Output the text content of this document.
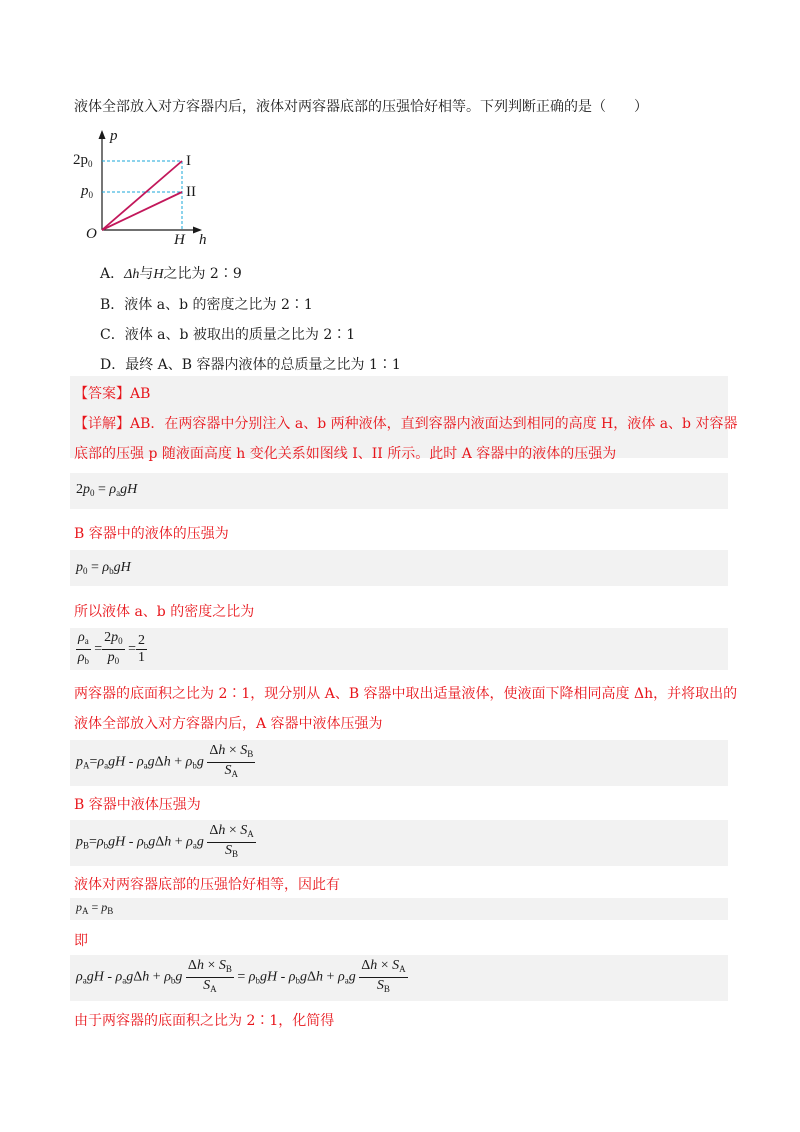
液体全部放入对方容器内后，液体对两容器底部的压强恰好相等。下列判断正确的是（　　）
p
$2p_0$
$p_0$
O	H h
I
II
A．Δh与H之比为 2∶9
B．液体 a、b 的密度之比为 2∶1
C．液体 a、b 被取出的质量之比为 2∶1
D．最终 A、B 容器内液体的总质量之比为 1∶1
【答案】AB
【详解】AB．在两容器中分别注入 a、b 两种液体，直到容器内液面达到相同的高度 H，液体 a、b 对容器
底部的压强 p 随液面高度 h 变化关系如图线 I、II 所示。此时 A 容器中的液体的压强为
$2p_0 = \rho_agH$
B 容器中的液体的压强为
$p_0 = \rho_bgH$
所以液体 a、b 的密度之比为
$\frac{\rho_a}{\rho_b} = \frac{2p_0}{p_0} = \frac{2}{1}$
两容器的底面积之比为 2∶1，现分别从 A、B 容器中取出适量液体，使液面下降相同高度 Δh，并将取出的
液体全部放入对方容器内后，A 容器中液体压强为
$p_A=\rho_agH - \rho_ag\Delta h + \rho_bg \frac{\Delta h \times S_B}{S_A}$
B 容器中液体压强为
$p_B=\rho_bgH - \rho_bg\Delta h + \rho_ag \frac{\Delta h \times S_A}{S_B}$
液体对两容器底部的压强恰好相等，因此有
$p_A = p_B$
即
$\rho_agH - \rho_ag\Delta h + \rho_bg \frac{\Delta h \times S_B}{S_A} = \rho_bgH - \rho_bg\Delta h + \rho_ag \frac{\Delta h \times S_A}{S_B}$
由于两容器的底面积之比为 2∶1，化简得
